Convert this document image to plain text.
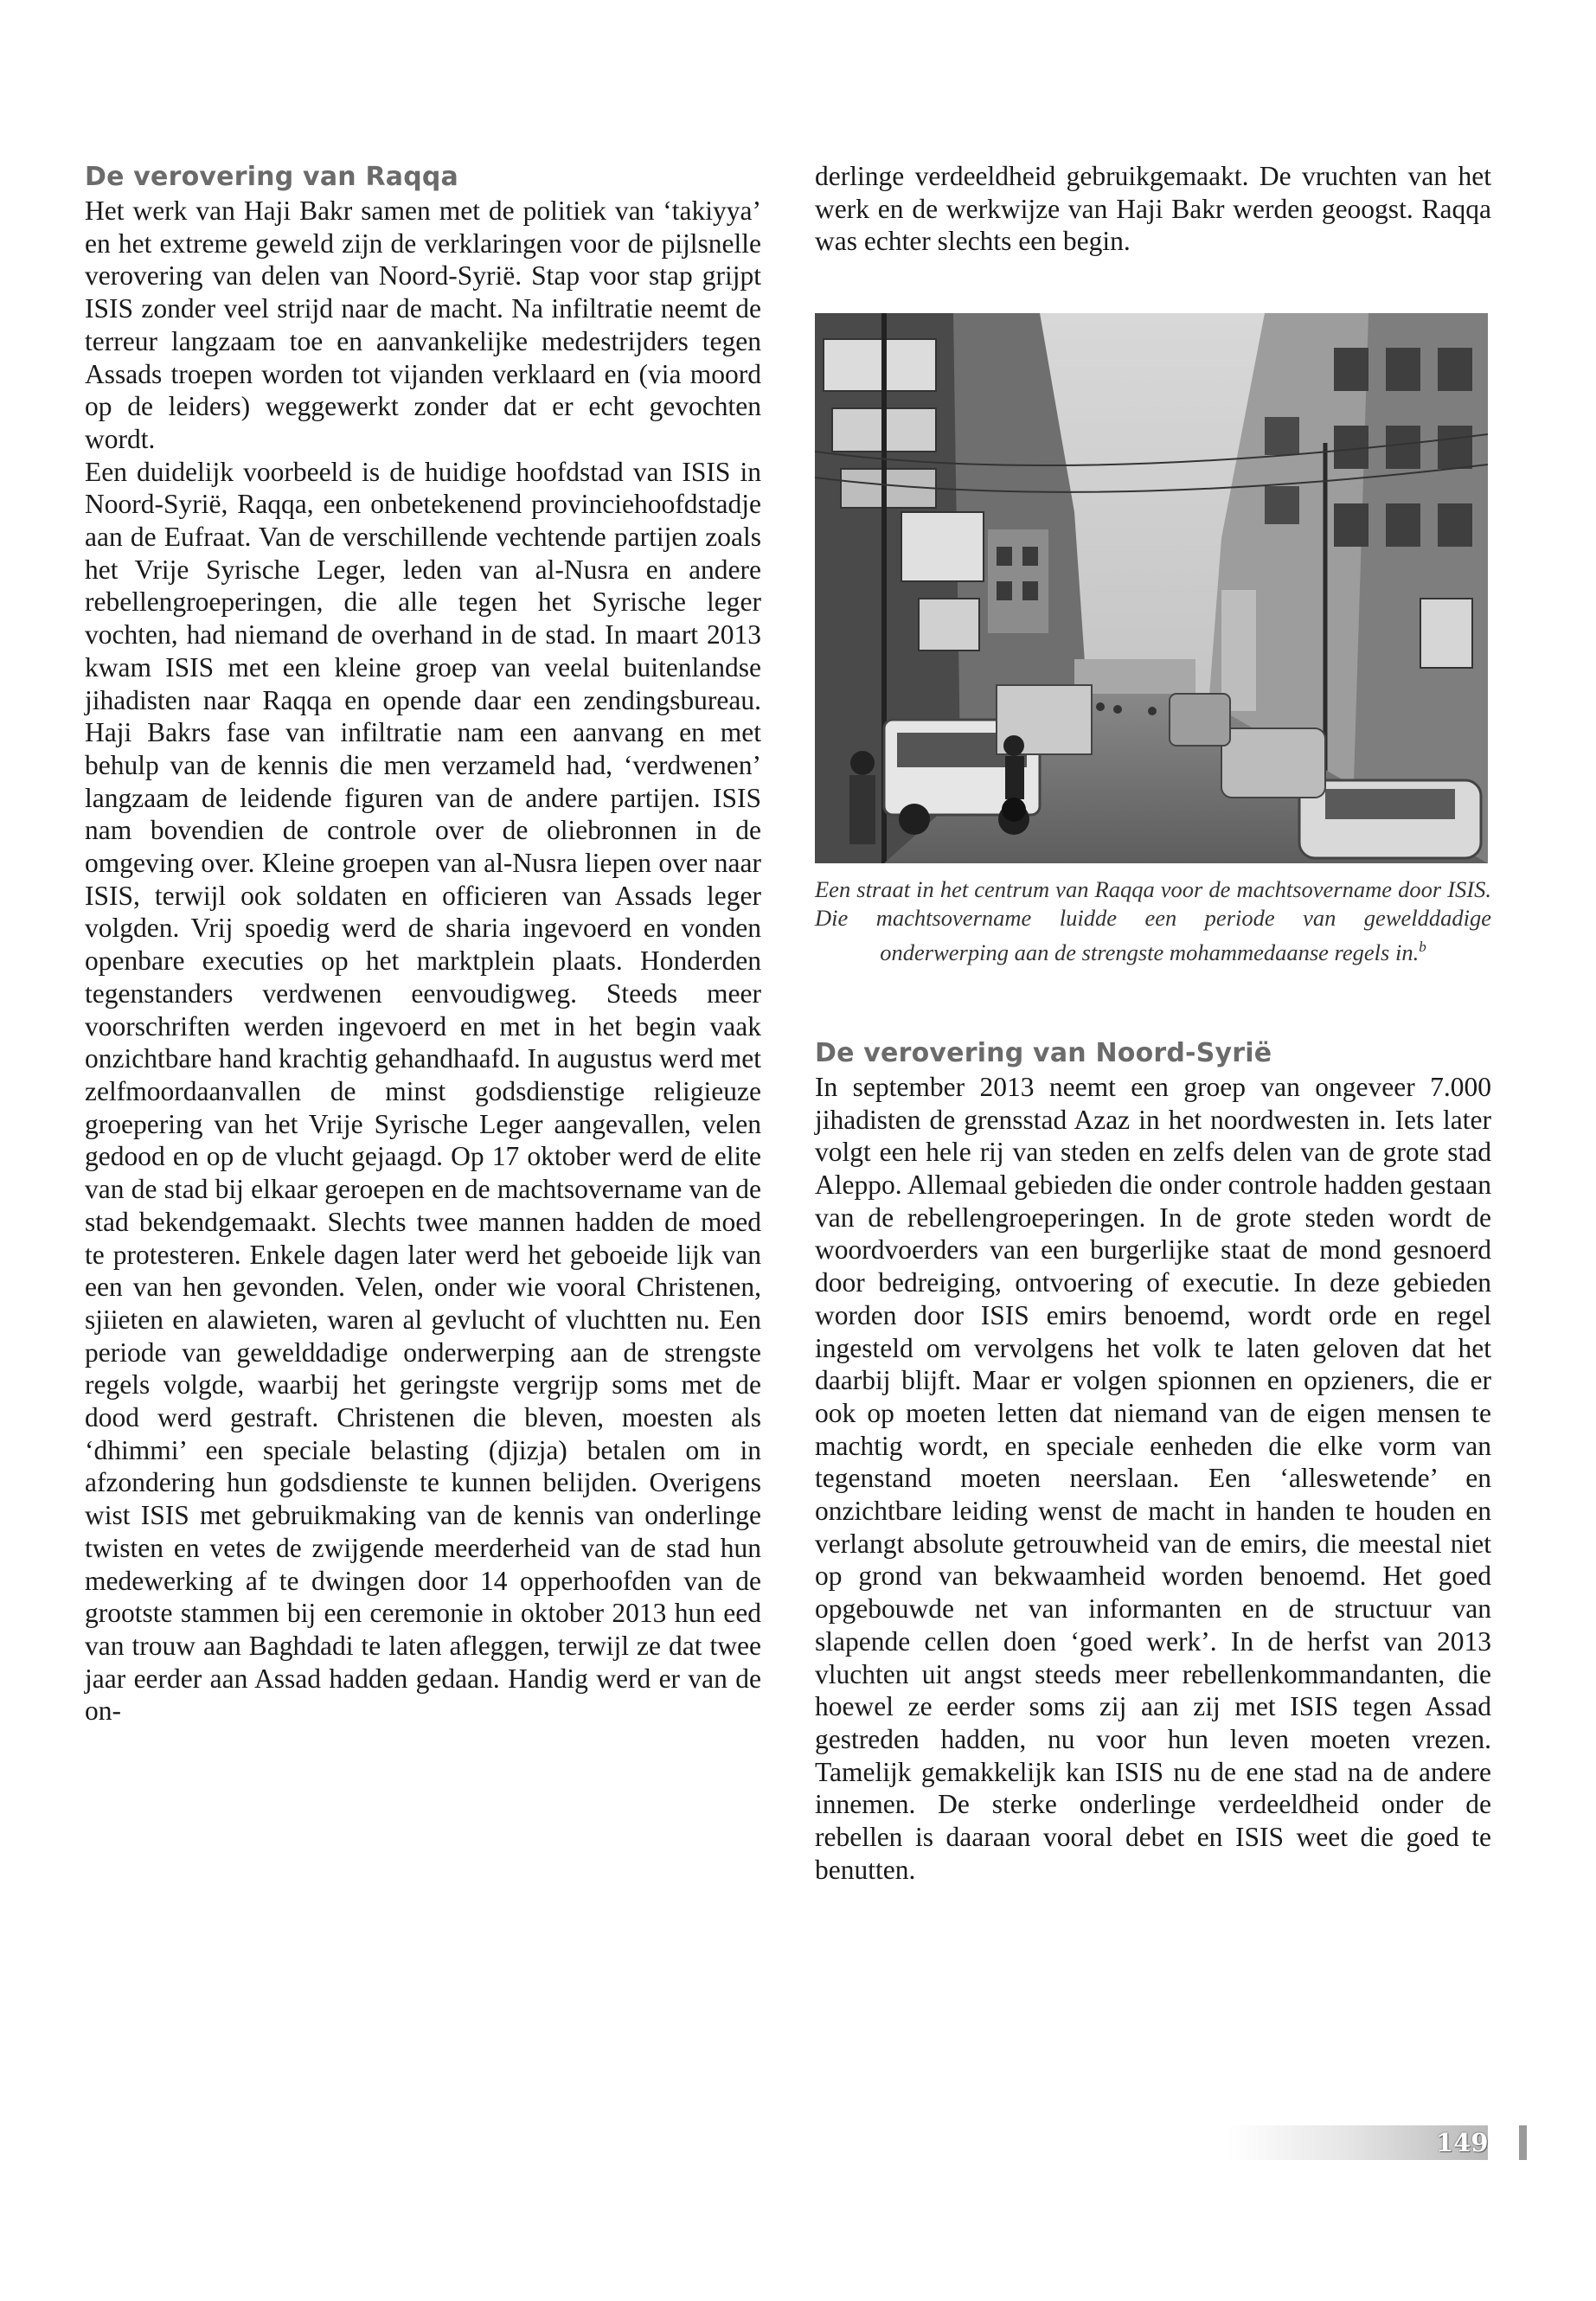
De verovering van Raqqa

Het werk van Haji Bakr samen met de politiek van ‘takiyya’ en het extreme geweld zijn de verklaringen voor de pijlsnelle verovering van delen van Noord-Syrië. Stap voor stap grijpt ISIS zonder veel strijd naar de macht. Na infiltratie neemt de terreur langzaam toe en aanvankelijke medestrijders tegen Assads troepen worden tot vijanden verklaard en (via moord op de leiders) weggewerkt zonder dat er echt gevochten wordt.

Een duidelijk voorbeeld is de huidige hoofdstad van ISIS in Noord-Syrië, Raqqa, een onbetekenend provinciehoofdstadje aan de Eufraat. Van de verschillende vechtende partijen zoals het Vrije Syrische Leger, leden van al-Nusra en andere rebellengroeperingen, die alle tegen het Syrische leger vochten, had niemand de overhand in de stad. In maart 2013 kwam ISIS met een kleine groep van veelal buitenlandse jihadisten naar Raqqa en opende daar een zendingsbureau. Haji Bakrs fase van infiltratie nam een aanvang en met behulp van de kennis die men verzameld had, ‘verdwenen’ langzaam de leidende figuren van de andere partijen. ISIS nam bovendien de controle over de oliebronnen in de omgeving over. Kleine groepen van al-Nusra liepen over naar ISIS, terwijl ook soldaten en officieren van Assads leger volgden. Vrij spoedig werd de sharia ingevoerd en vonden openbare executies op het marktplein plaats. Honderden tegenstanders verdwenen eenvoudigweg. Steeds meer voorschriften werden ingevoerd en met in het begin vaak onzichtbare hand krachtig gehandhaafd. In augustus werd met zelfmoordaanvallen de minst godsdienstige religieuze groepering van het Vrije Syrische Leger aangevallen, velen gedood en op de vlucht gejaagd. Op 17 oktober werd de elite van de stad bij elkaar geroepen en de machtsovername van de stad bekendgemaakt. Slechts twee mannen hadden de moed te protesteren. Enkele dagen later werd het geboeide lijk van een van hen gevonden. Velen, onder wie vooral Christenen, sjiieten en alawieten, waren al gevlucht of vluchtten nu. Een periode van gewelddadige onderwerping aan de strengste regels volgde, waarbij het geringste vergrijp soms met de dood werd gestraft. Christenen die bleven, moesten als ‘dhimmi’ een speciale belasting (djizja) betalen om in afzondering hun godsdienste te kunnen belijden. Overigens wist ISIS met gebruikmaking van de kennis van onderlinge twisten en vetes de zwijgende meerderheid van de stad hun medewerking af te dwingen door 14 opperhoofden van de grootste stammen bij een ceremonie in oktober 2013 hun eed van trouw aan Baghdadi te laten afleggen, terwijl ze dat twee jaar eerder aan Assad hadden gedaan. Handig werd er van de on-

derlinge verdeeldheid gebruikgemaakt. De vruchten van het werk en de werkwijze van Haji Bakr werden geoogst. Raqqa was echter slechts een begin.

Een straat in het centrum van Raqqa voor de machtsovername door ISIS. Die machtsovername luidde een periode van gewelddadige onderwerping aan de strengste mohammedaanse regels in.$^b$
De verovering van Noord-Syrië

In september 2013 neemt een groep van ongeveer 7.000 jihadisten de grensstad Azaz in het noordwesten in. Iets later volgt een hele rij van steden en zelfs delen van de grote stad Aleppo. Allemaal gebieden die onder controle hadden gestaan van de rebellengroeperingen. In de grote steden wordt de woordvoerders van een burgerlijke staat de mond gesnoerd door bedreiging, ontvoering of executie. In deze gebieden worden door ISIS emirs benoemd, wordt orde en regel ingesteld om vervolgens het volk te laten geloven dat het daarbij blijft. Maar er volgen spionnen en opzieners, die er ook op moeten letten dat niemand van de eigen mensen te machtig wordt, en speciale eenheden die elke vorm van tegenstand moeten neerslaan. Een ‘alleswetende’ en onzichtbare leiding wenst de macht in handen te houden en verlangt absolute getrouwheid van de emirs, die meestal niet op grond van bekwaamheid worden benoemd. Het goed opgebouwde net van informanten en de structuur van slapende cellen doen ‘goed werk’. In de herfst van 2013 vluchten uit angst steeds meer rebellenkommandanten, die hoewel ze eerder soms zij aan zij met ISIS tegen Assad gestreden hadden, nu voor hun leven moeten vrezen. Tamelijk gemakkelijk kan ISIS nu de ene stad na de andere innemen. De sterke onderlinge verdeeldheid onder de rebellen is daaraan vooral debet en ISIS weet die goed te benutten.

149
